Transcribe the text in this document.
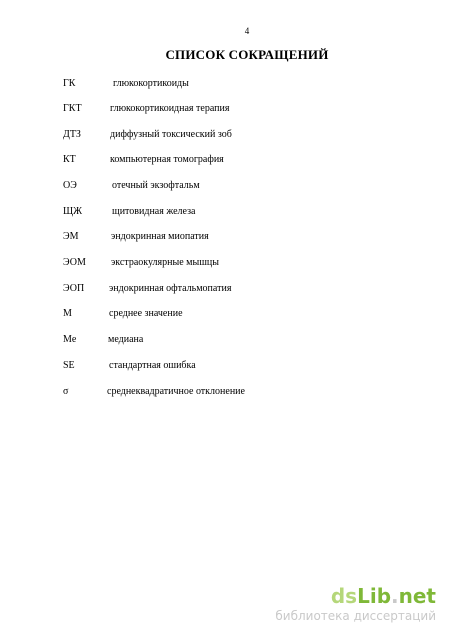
4
СПИСОК СОКРАЩЕНИЙ
ГК	глюкокортикоиды
ГКТ	глюкокортикоидная терапия
ДТЗ	диффузный токсический зоб
КТ	компьютерная томография
ОЭ	отечный экзофтальм
ЩЖ	щитовидная железа
ЭМ	эндокринная миопатия
ЭОМ	экстраокулярные мышцы
ЭОП эндокринная офтальмопатия
M	среднее значение
Me	медиана
SE	стандартная ошибка
σ	среднеквадратичное отклонение
dsLib.net
библиотека диссертаций
